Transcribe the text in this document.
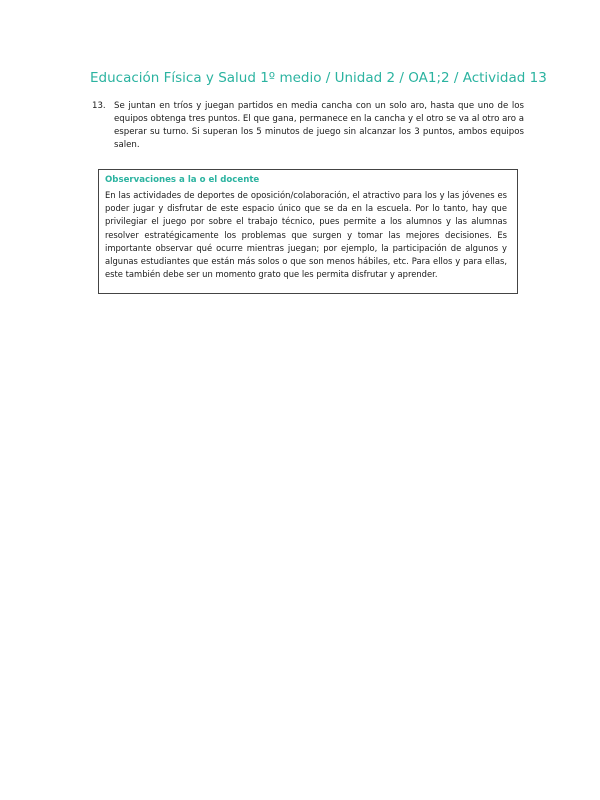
Educación Física y Salud 1º medio / Unidad 2 / OA1;2 / Actividad 13
13. Se juntan en tríos y juegan partidos en media cancha con un solo aro, hasta que uno de los equipos obtenga tres puntos. El que gana, permanece en la cancha y el otro se va al otro aro a esperar su turno. Si superan los 5 minutos de juego sin alcanzar los 3 puntos, ambos equipos salen.
Observaciones a la o el docente

En las actividades de deportes de oposición/colaboración, el atractivo para los y las jóvenes es poder jugar y disfrutar de este espacio único que se da en la escuela. Por lo tanto, hay que privilegiar el juego por sobre el trabajo técnico, pues permite a los alumnos y las alumnas resolver estratégicamente los problemas que surgen y tomar las mejores decisiones. Es importante observar qué ocurre mientras juegan; por ejemplo, la participación de algunos y algunas estudiantes que están más solos o que son menos hábiles, etc. Para ellos y para ellas, este también debe ser un momento grato que les permita disfrutar y aprender.
